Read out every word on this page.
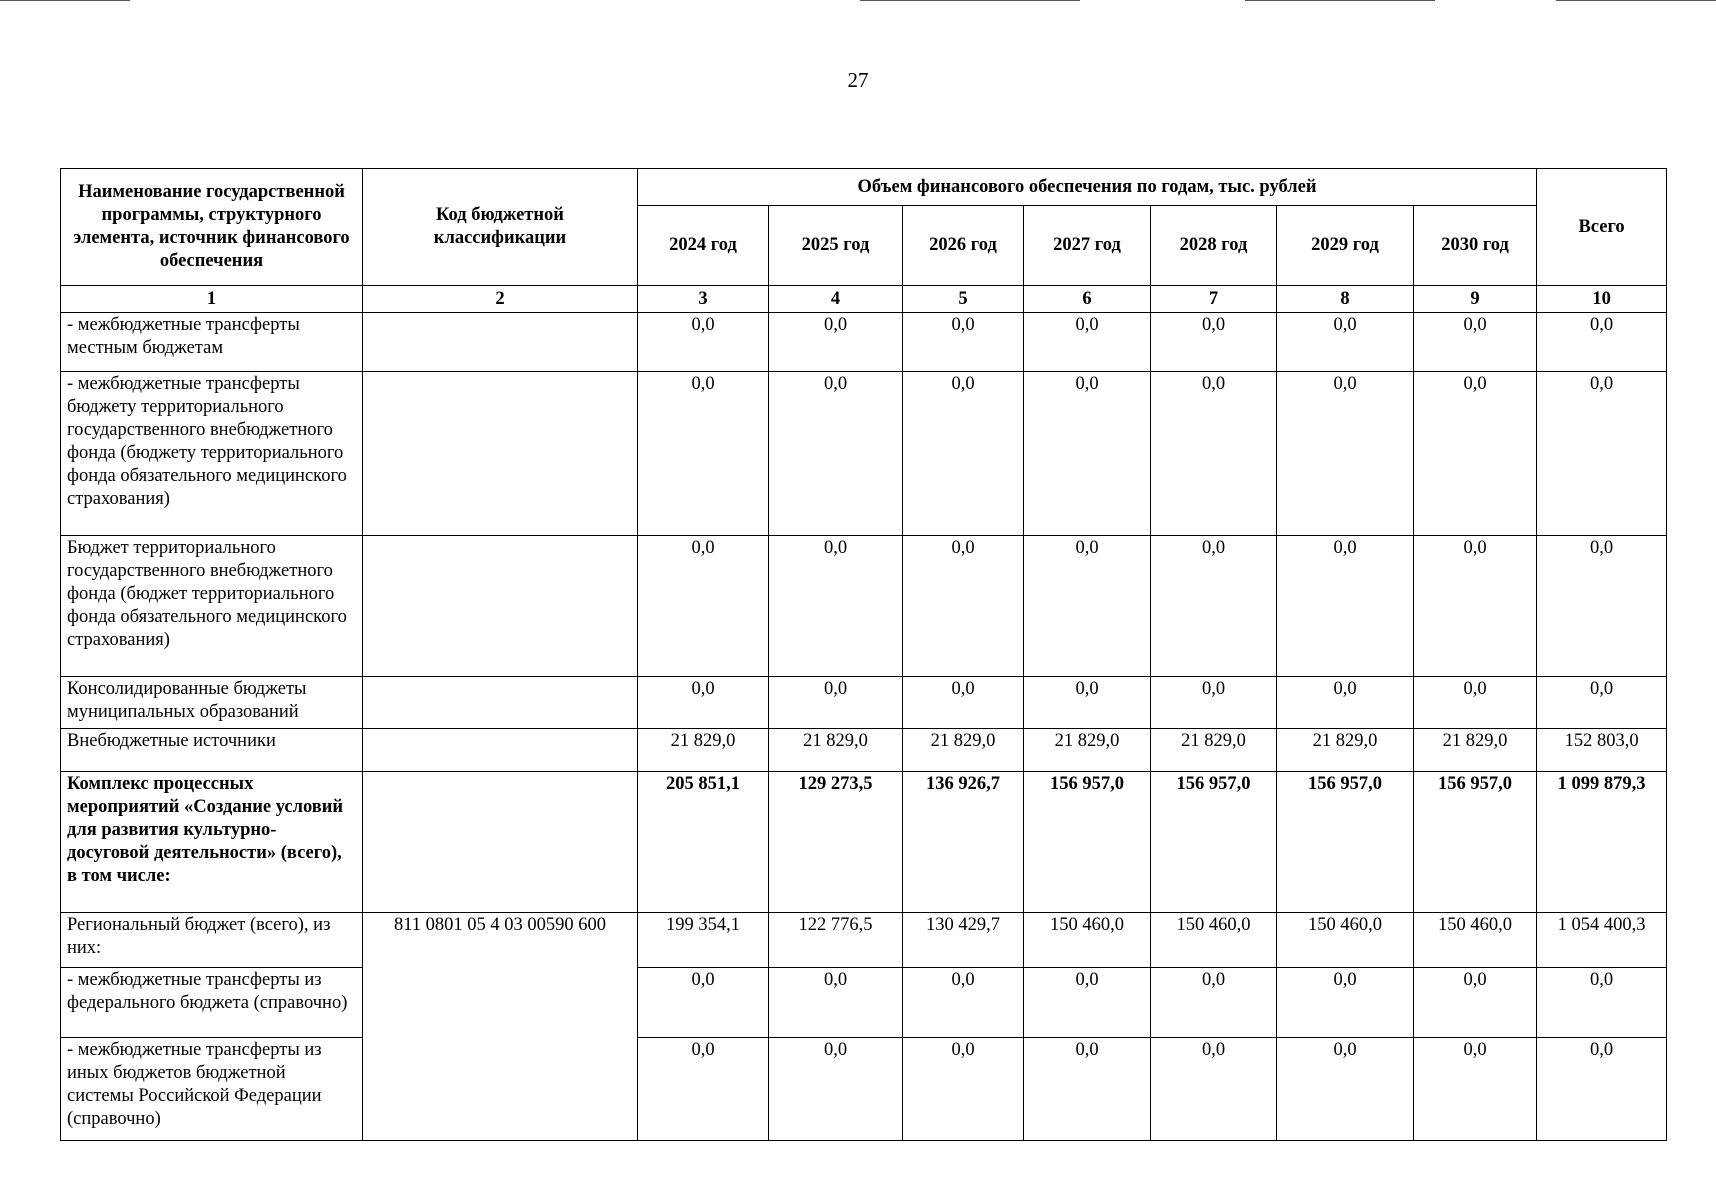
27
Наименование государственной программы, структурного элемента, источник финансового обеспечения	Код бюджетной классификации	Объем финансового обеспечения по годам, тыс. рублей							Всего
		2024 год	2025 год	2026 год	2027 год	2028 год	2029 год	2030 год	
1	2	3	4	5	6	7	8	9	10
- межбюджетные трансферты местным бюджетам		0,0	0,0	0,0	0,0	0,0	0,0	0,0	0,0
- межбюджетные трансферты бюджету территориального государственного внебюджетного фонда (бюджету территориального фонда обязательного медицинского страхования)		0,0	0,0	0,0	0,0	0,0	0,0	0,0	0,0
Бюджет территориального государственного внебюджетного фонда (бюджет территориального фонда обязательного медицинского страхования)		0,0	0,0	0,0	0,0	0,0	0,0	0,0	0,0
Консолидированные бюджеты муниципальных образований		0,0	0,0	0,0	0,0	0,0	0,0	0,0	0,0
Внебюджетные источники		21 829,0	21 829,0	21 829,0	21 829,0	21 829,0	21 829,0	21 829,0	152 803,0
Комплекс процессных мероприятий «Создание условий для развития культурно-досуговой деятельности» (всего), в том числе:		205 851,1	129 273,5	136 926,7	156 957,0	156 957,0	156 957,0	156 957,0	1 099 879,3
Региональный бюджет (всего), из них:	811 0801 05 4 03 00590 600	199 354,1	122 776,5	130 429,7	150 460,0	150 460,0	150 460,0	150 460,0	1 054 400,3
- межбюджетные трансферты из федерального бюджета (справочно)		0,0	0,0	0,0	0,0	0,0	0,0	0,0	0,0
- межбюджетные трансферты из иных бюджетов бюджетной системы Российской Федерации (справочно)		0,0	0,0	0,0	0,0	0,0	0,0	0,0	0,0
